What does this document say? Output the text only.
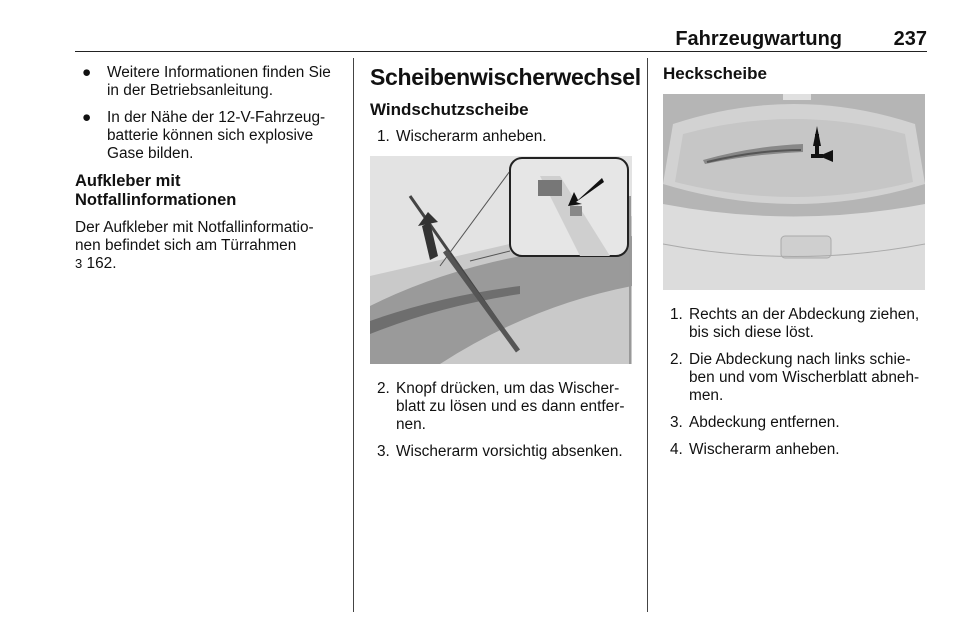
Fahrzeugwartung	237
● Weitere Informationen finden Sie in der Betriebsanleitung.
● In der Nähe der 12-V-Fahrzeug-batterie können sich explosive Gase bilden.
Aufkleber mit
Notfallinformationen
Der Aufkleber mit Notfallinformatio-
nen befindet sich am Türrahmen
3 162.
Scheibenwischerwechsel
Windschutzscheibe
1. Wischerarm anheben.
2. Knopf drücken, um das Wischer-blatt zu lösen und es dann entfer-nen.
3. Wischerarm vorsichtig absenken.
Heckscheibe
1. Rechts an der Abdeckung ziehen, bis sich diese löst.
2. Die Abdeckung nach links schie-ben und vom Wischerblatt abneh-men.
3. Abdeckung entfernen.
4. Wischerarm anheben.
